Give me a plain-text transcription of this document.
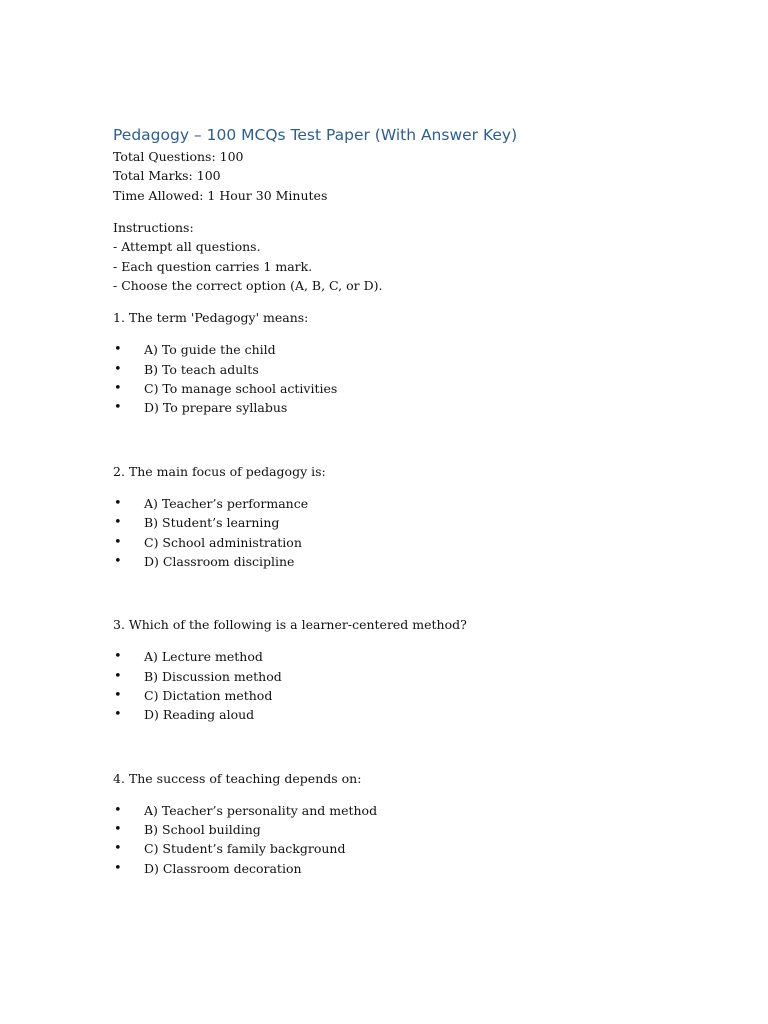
Pedagogy – 100 MCQs Test Paper (With Answer Key)
Total Questions: 100
Total Marks: 100
Time Allowed: 1 Hour 30 Minutes
Instructions:
- Attempt all questions.
- Each question carries 1 mark.
- Choose the correct option (A, B, C, or D).
1. The term 'Pedagogy' means:
• A) To guide the child
• B) To teach adults
• C) To manage school activities
• D) To prepare syllabus
2. The main focus of pedagogy is:
• A) Teacher’s performance
• B) Student’s learning
• C) School administration
• D) Classroom discipline
3. Which of the following is a learner-centered method?
• A) Lecture method
• B) Discussion method
• C) Dictation method
• D) Reading aloud
4. The success of teaching depends on:
• A) Teacher’s personality and method
• B) School building
• C) Student’s family background
• D) Classroom decoration
